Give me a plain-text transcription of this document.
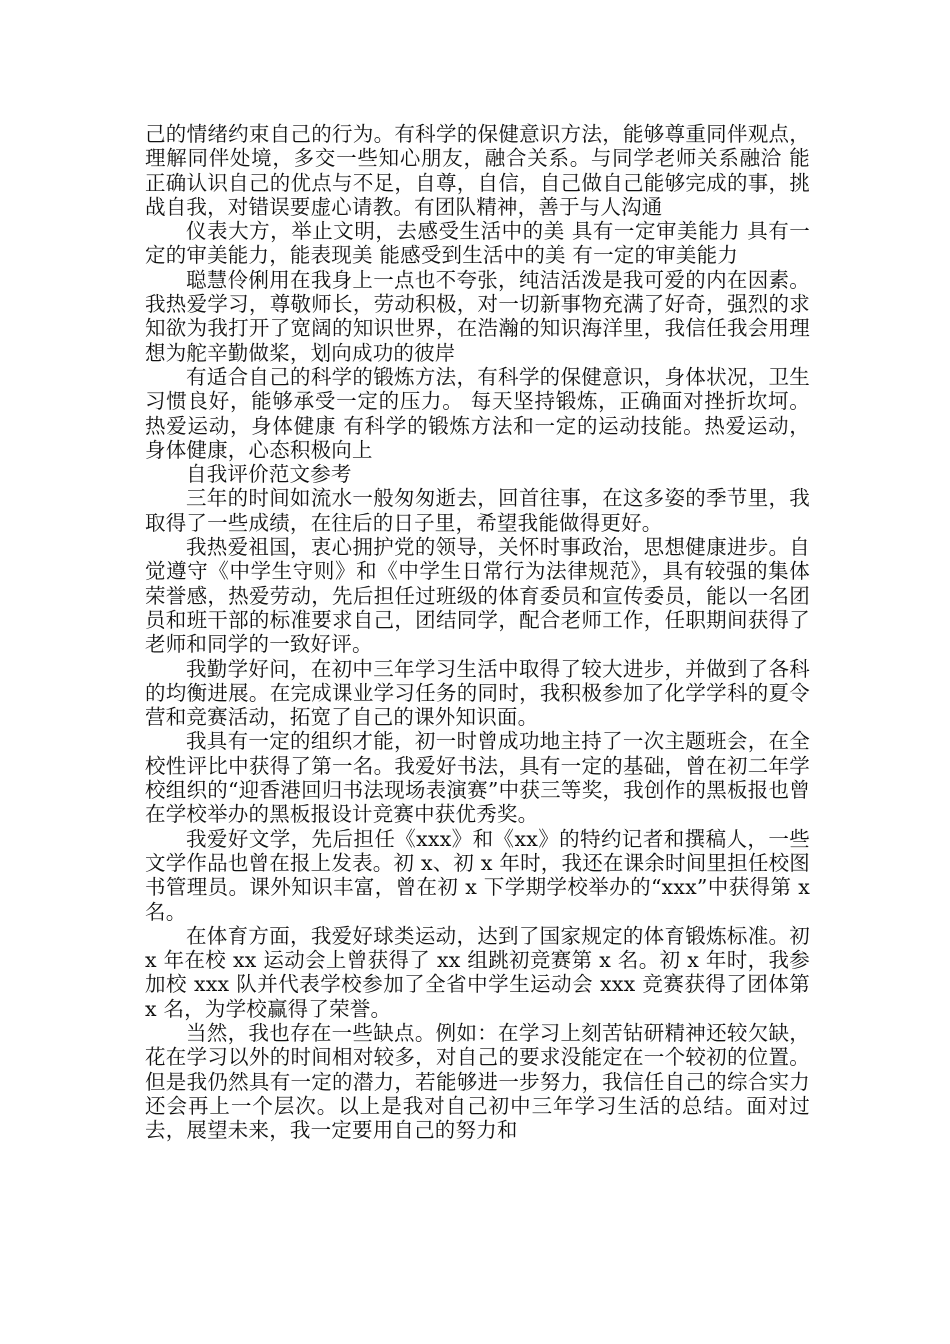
己的情绪约束自己的行为。有科学的保健意识方法，能够尊重同伴观点，理解同伴处境，多交一些知心朋友，融合关系。与同学老师关系融洽 能正确认识自己的优点与不足，自尊，自信，自己做自己能够完成的事，挑战自我，对错误要虚心请教。有团队精神，善于与人沟通

仪表大方，举止文明，去感受生活中的美 具有一定审美能力 具有一定的审美能力，能表现美 能感受到生活中的美 有一定的审美能力

聪慧伶俐用在我身上一点也不夸张，纯洁活泼是我可爱的内在因素。我热爱学习，尊敬师长，劳动积极，对一切新事物充满了好奇，强烈的求知欲为我打开了宽阔的知识世界，在浩瀚的知识海洋里，我信任我会用理想为舵辛勤做桨，划向成功的彼岸

有适合自己的科学的锻炼方法，有科学的保健意识，身体状况，卫生习惯良好，能够承受一定的压力。 每天坚持锻炼，正确面对挫折坎坷。 热爱运动，身体健康 有科学的锻炼方法和一定的运动技能。热爱运动，身体健康，心态积极向上

自我评价范文参考

三年的时间如流水一般匆匆逝去，回首往事，在这多姿的季节里，我取得了一些成绩，在往后的日子里，希望我能做得更好。

我热爱祖国，衷心拥护党的领导，关怀时事政治，思想健康进步。自觉遵守《中学生守则》和《中学生日常行为法律规范》，具有较强的集体荣誉感，热爱劳动，先后担任过班级的体育委员和宣传委员，能以一名团员和班干部的标准要求自己，团结同学，配合老师工作，任职期间获得了老师和同学的一致好评。

我勤学好问，在初中三年学习生活中取得了较大进步，并做到了各科的均衡进展。在完成课业学习任务的同时，我积极参加了化学学科的夏令营和竞赛活动，拓宽了自己的课外知识面。

我具有一定的组织才能，初一时曾成功地主持了一次主题班会，在全校性评比中获得了第一名。我爱好书法，具有一定的基础，曾在初二年学校组织的“迎香港回归书法现场表演赛”中获三等奖，我创作的黑板报也曾在学校举办的黑板报设计竞赛中获优秀奖。

我爱好文学，先后担任《xxx》和《xx》的特约记者和撰稿人，一些文学作品也曾在报上发表。初 x、初 x 年时，我还在课余时间里担任校图书管理员。课外知识丰富，曾在初 x 下学期学校举办的“xxx”中获得第 x 名。

在体育方面，我爱好球类运动，达到了国家规定的体育锻炼标准。初 x 年在校 xx 运动会上曾获得了 xx 组跳初竞赛第 x 名。初 x 年时，我参加校 xxx 队并代表学校参加了全省中学生运动会 xxx 竞赛获得了团体第 x 名，为学校赢得了荣誉。

当然，我也存在一些缺点。例如：在学习上刻苦钻研精神还较欠缺，花在学习以外的时间相对较多，对自己的要求没能定在一个较初的位置。但是我仍然具有一定的潜力，若能够进一步努力，我信任自己的综合实力还会再上一个层次。以上是我对自己初中三年学习生活的总结。面对过去，展望未来，我一定要用自己的努力和
